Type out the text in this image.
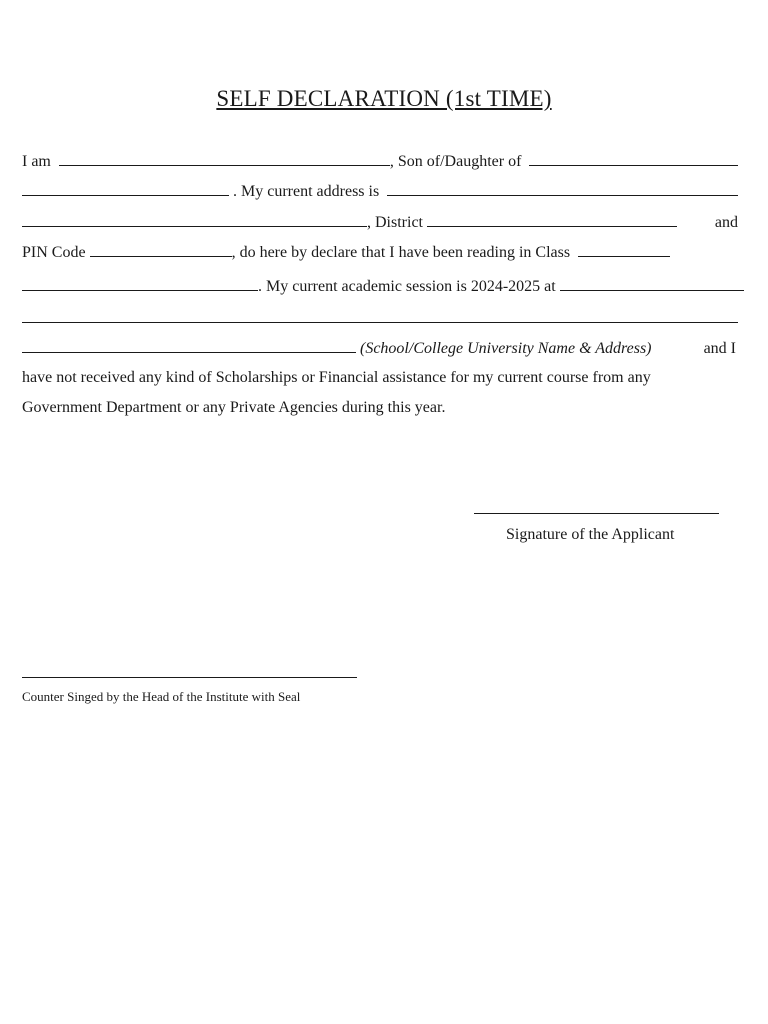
SELF DECLARATION (1st TIME)
I am	, Son of/Daughter of
. My current address is
, District	and
PIN Code	, do here by declare that I have been reading in Class
. My current academic session is 2024-2025 at
(School/College University Name & Address)	and I
have not received any kind of Scholarships or Financial assistance for my current course from any
Government Department or any Private Agencies during this year.
Signature of the Applicant
Counter Singed by the Head of the Institute with Seal
